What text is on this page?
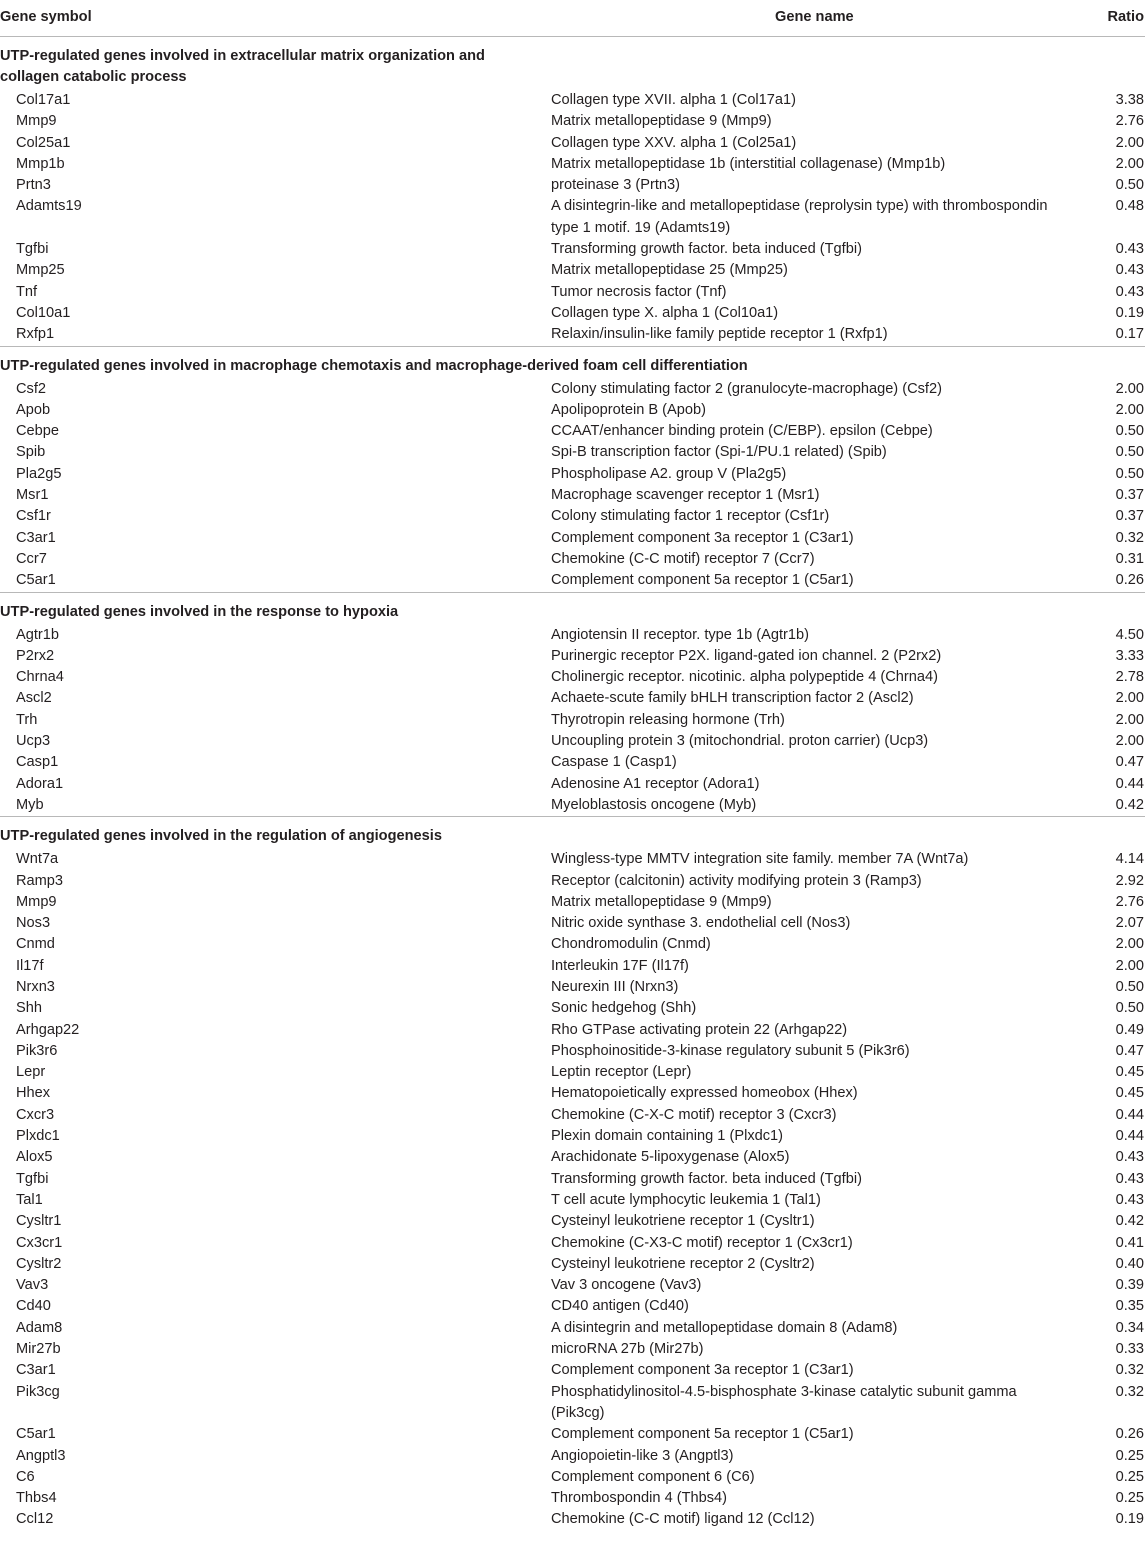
Gene symbol	Gene name	Ratio

UTP-regulated genes involved in extracellular matrix organization and collagen catabolic process		

Col17a1	Collagen type XVII. alpha 1 (Col17a1)	3.38
Mmp9	Matrix metallopeptidase 9 (Mmp9)	2.76
Col25a1	Collagen type XXV. alpha 1 (Col25a1)	2.00
Mmp1b	Matrix metallopeptidase 1b (interstitial collagenase) (Mmp1b)	2.00
Prtn3	proteinase 3 (Prtn3)	0.50
Adamts19	A disintegrin-like and metallopeptidase (reprolysin type) with thrombospondin type 1 motif. 19 (Adamts19)	0.48
Tgfbi	Transforming growth factor. beta induced (Tgfbi)	0.43
Mmp25	Matrix metallopeptidase 25 (Mmp25)	0.43
Tnf	Tumor necrosis factor (Tnf)	0.43
Col10a1	Collagen type X. alpha 1 (Col10a1)	0.19
Rxfp1	Relaxin/insulin-like family peptide receptor 1 (Rxfp1)	0.17

UTP-regulated genes involved in macrophage chemotaxis and macrophage-derived foam cell differentiation		

Csf2	Colony stimulating factor 2 (granulocyte-macrophage) (Csf2)	2.00
Apob	Apolipoprotein B (Apob)	2.00
Cebpe	CCAAT/enhancer binding protein (C/EBP). epsilon (Cebpe)	0.50
Spib	Spi-B transcription factor (Spi-1/PU.1 related) (Spib)	0.50
Pla2g5	Phospholipase A2. group V (Pla2g5)	0.50
Msr1	Macrophage scavenger receptor 1 (Msr1)	0.37
Csf1r	Colony stimulating factor 1 receptor (Csf1r)	0.37
C3ar1	Complement component 3a receptor 1 (C3ar1)	0.32
Ccr7	Chemokine (C-C motif) receptor 7 (Ccr7)	0.31
C5ar1	Complement component 5a receptor 1 (C5ar1)	0.26

UTP-regulated genes involved in the response to hypoxia		

Agtr1b	Angiotensin II receptor. type 1b (Agtr1b)	4.50
P2rx2	Purinergic receptor P2X. ligand-gated ion channel. 2 (P2rx2)	3.33
Chrna4	Cholinergic receptor. nicotinic. alpha polypeptide 4 (Chrna4)	2.78
Ascl2	Achaete-scute family bHLH transcription factor 2 (Ascl2)	2.00
Trh	Thyrotropin releasing hormone (Trh)	2.00
Ucp3	Uncoupling protein 3 (mitochondrial. proton carrier) (Ucp3)	2.00
Casp1	Caspase 1 (Casp1)	0.47
Adora1	Adenosine A1 receptor (Adora1)	0.44
Myb	Myeloblastosis oncogene (Myb)	0.42

UTP-regulated genes involved in the regulation of angiogenesis		

Wnt7a	Wingless-type MMTV integration site family. member 7A (Wnt7a)	4.14
Ramp3	Receptor (calcitonin) activity modifying protein 3 (Ramp3)	2.92
Mmp9	Matrix metallopeptidase 9 (Mmp9)	2.76
Nos3	Nitric oxide synthase 3. endothelial cell (Nos3)	2.07
Cnmd	Chondromodulin (Cnmd)	2.00
Il17f	Interleukin 17F (Il17f)	2.00
Nrxn3	Neurexin III (Nrxn3)	0.50
Shh	Sonic hedgehog (Shh)	0.50
Arhgap22	Rho GTPase activating protein 22 (Arhgap22)	0.49
Pik3r6	Phosphoinositide-3-kinase regulatory subunit 5 (Pik3r6)	0.47
Lepr	Leptin receptor (Lepr)	0.45
Hhex	Hematopoietically expressed homeobox (Hhex)	0.45
Cxcr3	Chemokine (C-X-C motif) receptor 3 (Cxcr3)	0.44
Plxdc1	Plexin domain containing 1 (Plxdc1)	0.44
Alox5	Arachidonate 5-lipoxygenase (Alox5)	0.43
Tgfbi	Transforming growth factor. beta induced (Tgfbi)	0.43
Tal1	T cell acute lymphocytic leukemia 1 (Tal1)	0.43
Cysltr1	Cysteinyl leukotriene receptor 1 (Cysltr1)	0.42
Cx3cr1	Chemokine (C-X3-C motif) receptor 1 (Cx3cr1)	0.41
Cysltr2	Cysteinyl leukotriene receptor 2 (Cysltr2)	0.40
Vav3	Vav 3 oncogene (Vav3)	0.39
Cd40	CD40 antigen (Cd40)	0.35
Adam8	A disintegrin and metallopeptidase domain 8 (Adam8)	0.34
Mir27b	microRNA 27b (Mir27b)	0.33
C3ar1	Complement component 3a receptor 1 (C3ar1)	0.32
Pik3cg	Phosphatidylinositol-4.5-bisphosphate 3-kinase catalytic subunit gamma (Pik3cg)	0.32
C5ar1	Complement component 5a receptor 1 (C5ar1)	0.26
Angptl3	Angiopoietin-like 3 (Angptl3)	0.25
C6	Complement component 6 (C6)	0.25
Thbs4	Thrombospondin 4 (Thbs4)	0.25
Ccl12	Chemokine (C-C motif) ligand 12 (Ccl12)	0.19
